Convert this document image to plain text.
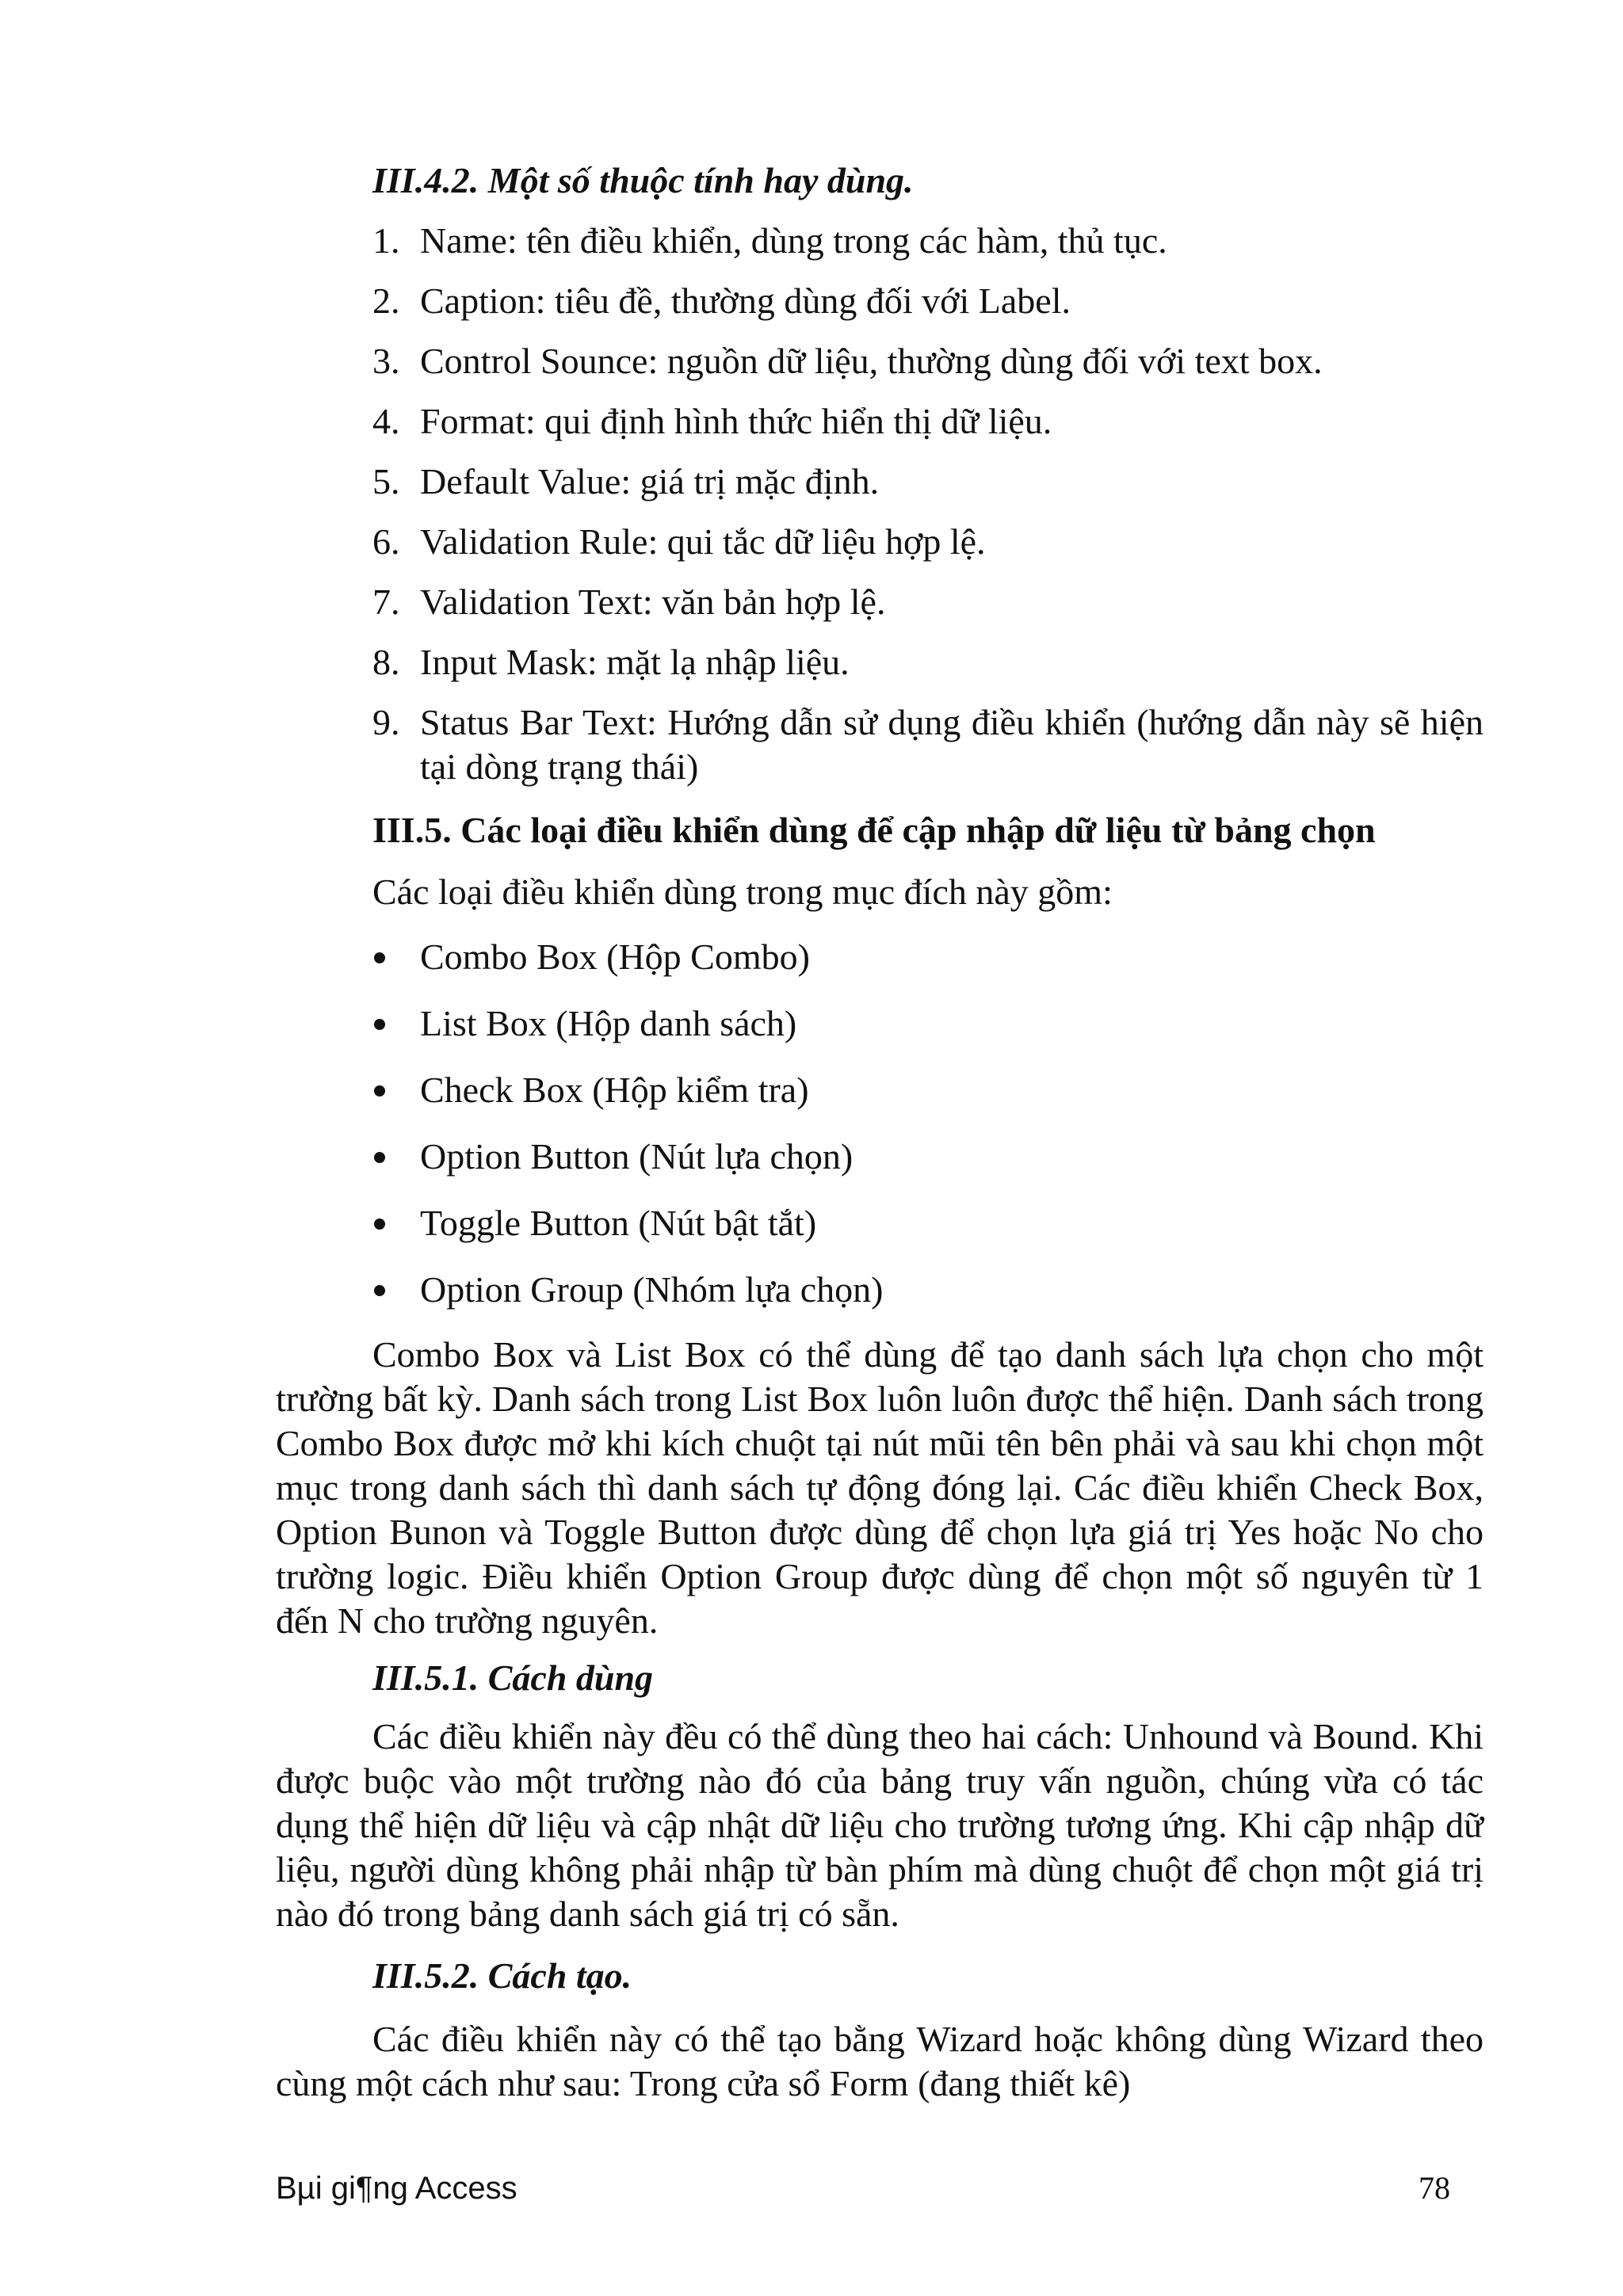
III.4.2. Một số thuộc tính hay dùng.
1. Name: tên điều khiển, dùng trong các hàm, thủ tục.
2. Caption: tiêu đề, thường dùng đối với Label.
3. Control Sounce: nguồn dữ liệu, thường dùng đối với text box.
4. Format: qui định hình thức hiển thị dữ liệu.
5. Default Value: giá trị mặc định.
6. Validation Rule: qui tắc dữ liệu hợp lệ.
7. Validation Text: văn bản hợp lệ.
8. Input Mask: mặt lạ nhập liệu.
9. Status Bar Text: Hướng dẫn sử dụng điều khiển (hướng dẫn này sẽ hiện tại dòng trạng thái)
III.5. Các loại điều khiển dùng để cập nhập dữ liệu từ bảng chọn
Các loại điều khiển dùng trong mục đích này gồm:
Combo Box (Hộp Combo)
List Box (Hộp danh sách)
Check Box (Hộp kiểm tra)
Option Button (Nút lựa chọn)
Toggle Button (Nút bật tắt)
Option Group (Nhóm lựa chọn)
Combo Box và List Box có thể dùng để tạo danh sách lựa chọn cho một trường bất kỳ. Danh sách trong List Box luôn luôn được thể hiện. Danh sách trong Combo Box được mở khi kích chuột tại nút mũi tên bên phải và sau khi chọn một mục trong danh sách thì danh sách tự động đóng lại. Các điều khiển Check Box, Option Bunon và Toggle Button được dùng để chọn lựa giá trị Yes hoặc No cho trường logic. Điều khiển Option Group được dùng để chọn một số nguyên từ 1 đến N cho trường nguyên.
III.5.1. Cách dùng
Các điều khiển này đều có thể dùng theo hai cách: Unhound và Bound. Khi được buộc vào một trường nào đó của bảng truy vấn nguồn, chúng vừa có tác dụng thể hiện dữ liệu và cập nhật dữ liệu cho trường tương ứng. Khi cập nhập dữ liệu, người dùng không phải nhập từ bàn phím mà dùng chuột để chọn một giá trị nào đó trong bảng danh sách giá trị có sẵn.
III.5.2. Cách tạo.
Các điều khiển này có thể tạo bằng Wizard hoặc không dùng Wizard theo cùng một cách như sau: Trong cửa sổ Form (đang thiết kê)
Bµi gi¶ng Access	78
